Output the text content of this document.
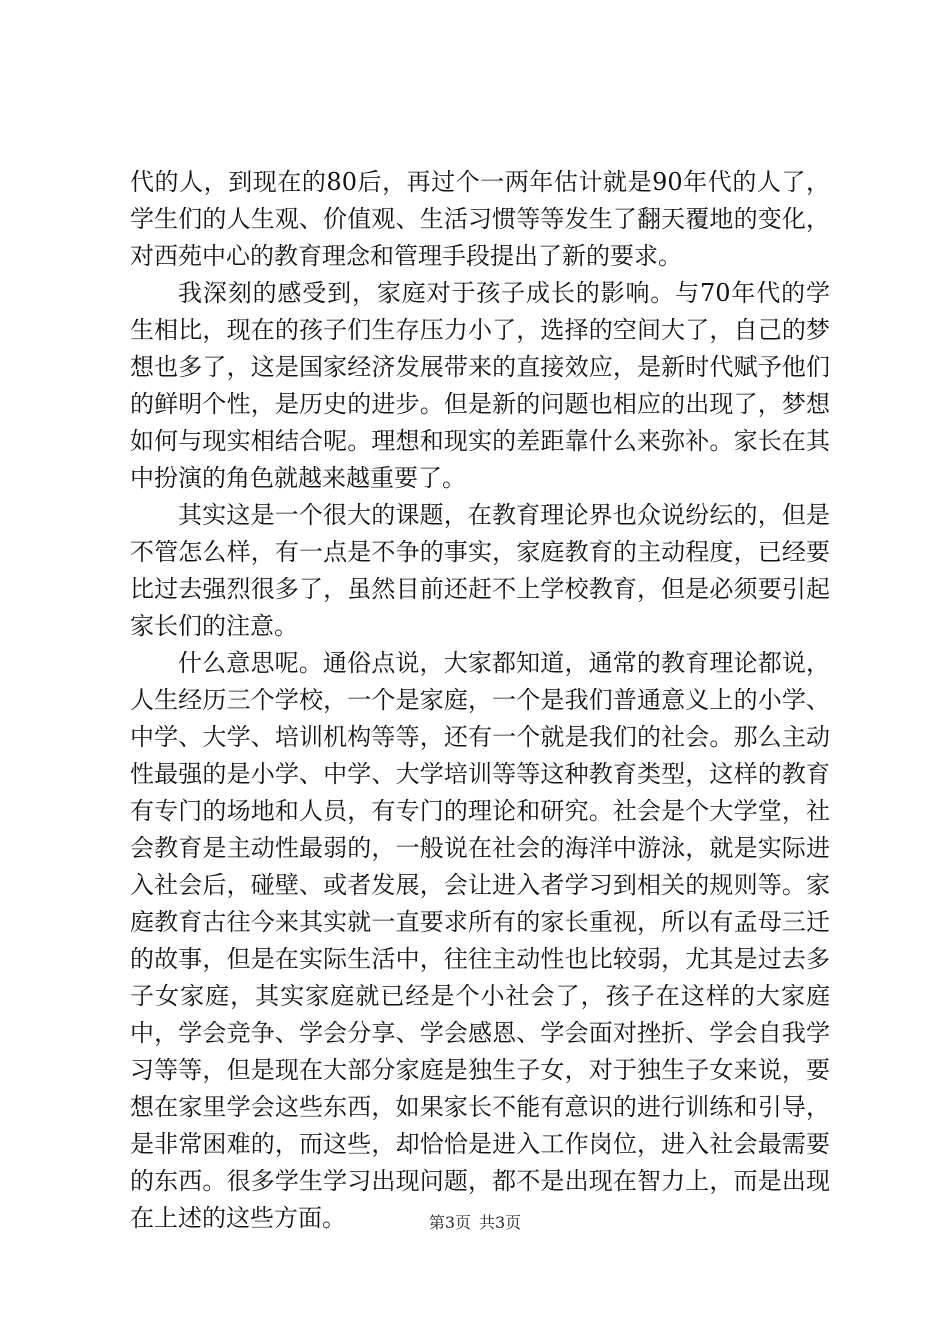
代的人，到现在的80后，再过个一两年估计就是90年代的人了，学生们的人生观、价值观、生活习惯等等发生了翻天覆地的变化，对西苑中心的教育理念和管理手段提出了新的要求。

我深刻的感受到，家庭对于孩子成长的影响。与70年代的学生相比，现在的孩子们生存压力小了，选择的空间大了，自己的梦想也多了，这是国家经济发展带来的直接效应，是新时代赋予他们的鲜明个性，是历史的进步。但是新的问题也相应的出现了，梦想如何与现实相结合呢。理想和现实的差距靠什么来弥补。家长在其中扮演的角色就越来越重要了。

其实这是一个很大的课题，在教育理论界也众说纷纭的，但是不管怎么样，有一点是不争的事实，家庭教育的主动程度，已经要比过去强烈很多了，虽然目前还赶不上学校教育，但是必须要引起家长们的注意。

什么意思呢。通俗点说，大家都知道，通常的教育理论都说，人生经历三个学校，一个是家庭，一个是我们普通意义上的小学、中学、大学、培训机构等等，还有一个就是我们的社会。那么主动性最强的是小学、中学、大学培训等等这种教育类型，这样的教育有专门的场地和人员，有专门的理论和研究。社会是个大学堂，社会教育是主动性最弱的，一般说在社会的海洋中游泳，就是实际进入社会后，碰壁、或者发展，会让进入者学习到相关的规则等。家庭教育古往今来其实就一直要求所有的家长重视，所以有孟母三迁的故事，但是在实际生活中，往往主动性也比较弱，尤其是过去多子女家庭，其实家庭就已经是个小社会了，孩子在这样的大家庭中，学会竞争、学会分享、学会感恩、学会面对挫折、学会自我学习等等，但是现在大部分家庭是独生子女，对于独生子女来说，要想在家里学会这些东西，如果家长不能有意识的进行训练和引导，是非常困难的，而这些，却恰恰是进入工作岗位，进入社会最需要的东西。很多学生学习出现问题，都不是出现在智力上，而是出现在上述的这些方面。	第3页 共3页
